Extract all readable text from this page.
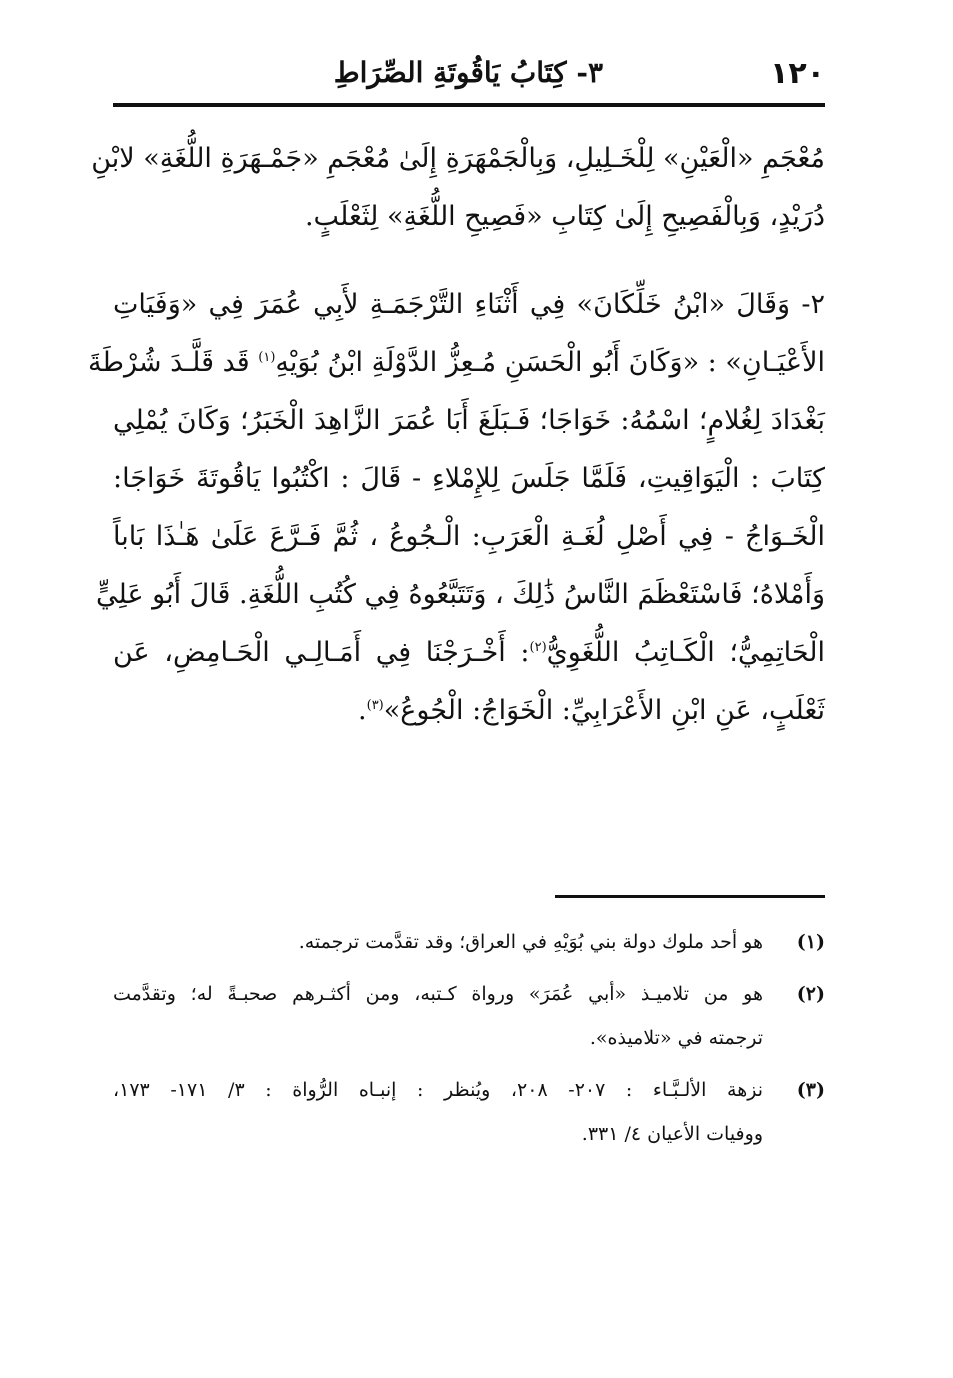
١٢٠
٣- كِتَابُ يَاقُوتَةِ الصِّرَاطِ
مُعْجَمِ «الْعَيْنِ» لِلْخَـلِيلِ، وَبِالْجَمْهَرَةِ إِلَىٰ مُعْجَمِ «جَمْـهَرَةِ اللُّغَةِ» لابْنِ
دُرَيْدٍ، وَبِالْفَصِيحِ إِلَىٰ كِتَابِ «فَصِيحِ اللُّغَةِ» لِثَعْلَبٍ.
٢- وَقَالَ «ابْنُ خَلِّكَانَ» فِي أَثْنَاءِ التَّرْجَمَـةِ لأَبِي عُمَرَ فِي «وَفَيَاتِ
الأَعْيَـانِ» : «وَكَانَ أَبُو الْحَسَنِ مُـعِزُّ الدَّوْلَةِ ابْنُ بُوَيْهِ$^{(١)}$ قَد قَلَّـدَ شُرْطَةَ
بَغْدَادَ لِغُلامٍ؛ اسْمُهُ: خَوَاجَا؛ فَـبَلَغَ أَبَا عُمَرَ الزَّاهِدَ الْخَبَرُ؛ وَكَانَ يُمْلِي
كِتَابَ : الْيَوَاقِيتِ، فَلَمَّا جَلَسَ لِلإِمْلاءِ - قَالَ : اكْتُبُوا يَاقُوتَةَ خَوَاجَا:
الْخَـوَاجُ - فِي أَصْلِ لُغَـةِ الْعَرَبِ: الْـجُوعُ ، ثُمَّ فَـرَّعَ عَلَىٰ هَـٰذَا بَاباً
وَأَمْلاهُ؛ فَاسْتَعْظَمَ النَّاسُ ذَٰلِكَ ، وَتَتَبَّعُوهُ فِي كُتُبِ اللُّغَةِ. قَالَ أَبُو عَلِيٍّ
الْحَاتِمِيُّ؛ الْكَـاتِبُ اللُّغَوِيُّ$^{(٢)}$: أَخْـرَجْنَا فِي أَمَـالِـي الْحَـامِضِ، عَن
ثَعْلَبٍ، عَنِ ابْنِ الأَعْرَابِيِّ: الْخَوَاجُ: الْجُوعُ»$^{(٣)}$.
(١)
هو أحد ملوك دولة بني بُوَيْهِ في العراق؛ وقد تقدَّمت ترجمته.
(٢)
هو من تلاميـذ «أبي عُمَرَ» ورواة كـتبه، ومن أكثـرهم صحبـةً له؛ وتقدَّمت
ترجمته في «تلاميذه».
(٣)
نزهة الألـبَّـاء : ٢٠٧- ٢٠٨، ويُنظر : إنبـاه الرُّواة : ٣/ ١٧١- ١٧٣،
ووفيات الأعيان ٤/ ٣٣١.
